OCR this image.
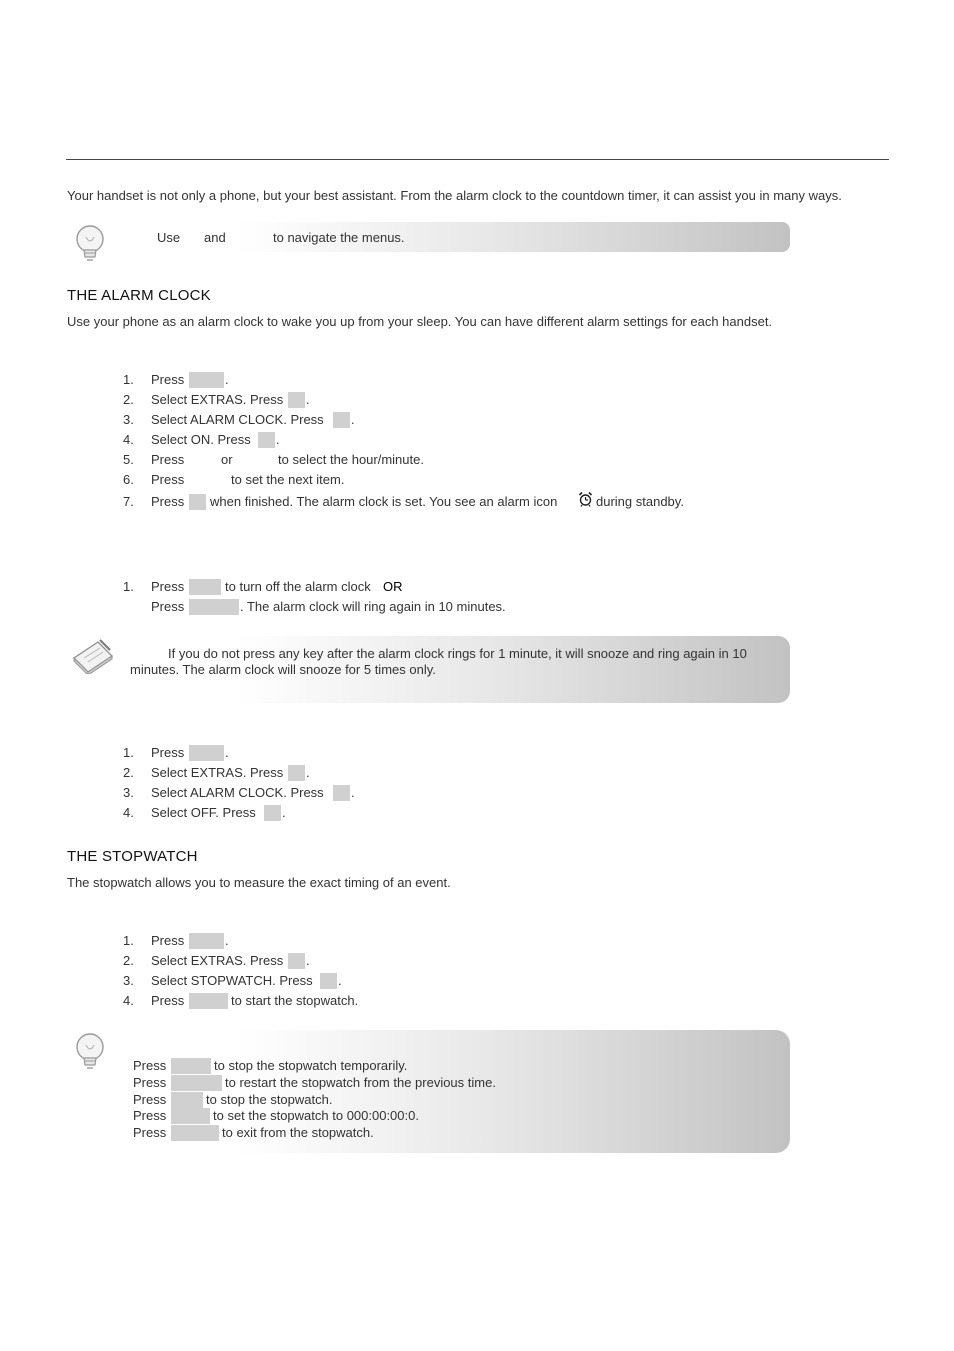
Your handset is not only a phone, but your best assistant. From the alarm clock to the countdown timer, it can assist you in many ways.
Use and	to navigate the menus.
THE ALARM CLOCK
Use your phone as an alarm clock to wake you up from your sleep. You can have different alarm settings for each handset.
1.	Press	.
2.	Select EXTRAS. Press .
3.	Select ALARM CLOCK. Press .
4.	Select ON. Press .
5.	Press	or	to select the hour/minute.
6.	Press	to set the next item.
7.	Press when finished. The alarm clock is set. You see an alarm icon	during standby.
1.	Press	to turn off the alarm clock OR
Press	. The alarm clock will ring again in 10 minutes.
If you do not press any key after the alarm clock rings for 1 minute, it will snooze and ring again in 10 minutes. The alarm clock will snooze for 5 times only.
1.	Press	.
2.	Select EXTRAS. Press .
3.	Select ALARM CLOCK. Press .
4.	Select OFF. Press .
THE STOPWATCH
The stopwatch allows you to measure the exact timing of an event.
1.	Press	.
2.	Select EXTRAS. Press .
3.	Select STOPWATCH. Press .
4.	Press	to start the stopwatch.
Press	to stop the stopwatch temporarily.
Press	to restart the stopwatch from the previous time.
Press	to stop the stopwatch.
Press	to set the stopwatch to 000:00:00:0.
Press	to exit from the stopwatch.
